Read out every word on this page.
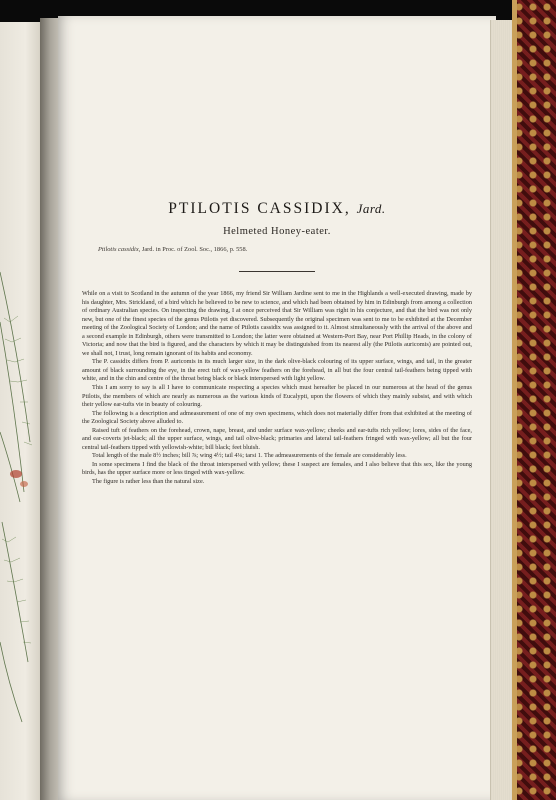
PTILOTIS CASSIDIX, Jard.
Helmeted Honey-eater.
Ptilotis cassidix, Jard. in Proc. of Zool. Soc., 1866, p. 558.

While on a visit to Scotland in the autumn of the year 1866, my friend Sir William Jardine sent to me in the Highlands a well-executed drawing, made by his daughter, Mrs. Strickland, of a bird which he believed to be new to science, and which had been obtained by him in Edinburgh from among a collection of ordinary Australian species. On inspecting the drawing, I at once perceived that Sir William was right in his conjecture, and that the bird was not only new, but one of the finest species of the genus Ptilotis yet discovered. Subsequently the original specimen was sent to me to be exhibited at the December meeting of the Zoological Society of London; and the name of Ptilotis cassidix was assigned to it. Almost simultaneously with the arrival of the above and a second example in Edinburgh, others were transmitted to London; the latter were obtained at Western-Port Bay, near Port Phillip Heads, in the colony of Victoria; and now that the bird is figured, and the characters by which it may be distinguished from its nearest ally (the Ptilotis auricomis) are pointed out, we shall not, I trust, long remain ignorant of its habits and economy.

The P. cassidix differs from P. auricomis in its much larger size, in the dark olive-black colouring of its upper surface, wings, and tail, in the greater amount of black surrounding the eye, in the erect tuft of wax-yellow feathers on the forehead, in all but the four central tail-feathers being tipped with white, and in the chin and centre of the throat being black or black interspersed with light yellow.

This I am sorry to say is all I have to communicate respecting a species which must hereafter be placed in our numerous at the head of the genus Ptilotis, the members of which are nearly as numerous as the various kinds of Eucalypti, upon the flowers of which they mainly subsist, and with which their yellow ear-tufts vie in beauty of colouring.

The following is a description and admeasurement of one of my own specimens, which does not materially differ from that exhibited at the meeting of the Zoological Society above alluded to.

Raised tuft of feathers on the forehead, crown, nape, breast, and under surface wax-yellow; cheeks and ear-tufts rich yellow; lores, sides of the face, and ear-coverts jet-black; all the upper surface, wings, and tail olive-black; primaries and lateral tail-feathers fringed with wax-yellow; all but the four central tail-feathers tipped with yellowish-white; bill black; feet bluish.

Total length of the male 8½ inches; bill ⅞; wing 4½; tail 4⅛; tarsi 1. The admeasurements of the female are considerably less.

In some specimens I find the black of the throat interspersed with yellow; these I suspect are females, and I also believe that this sex, like the young birds, has the upper surface more or less tinged with wax-yellow.

The figure is rather less than the natural size.
